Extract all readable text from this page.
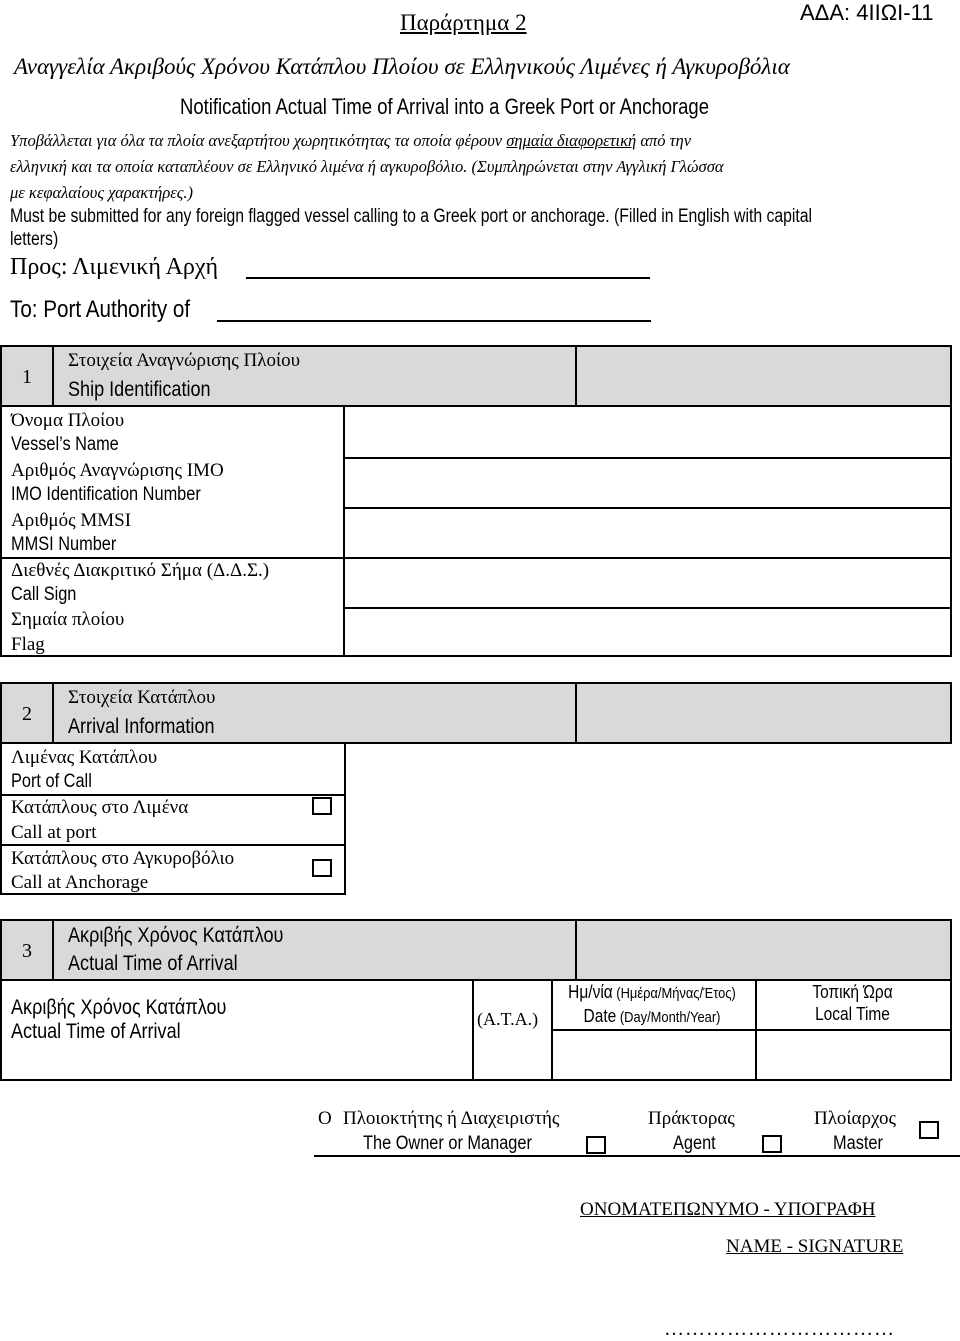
ΑΔΑ: 4ΙΙΩΙ-11
Παράρτημα 2
Αναγγελία Ακριβούς Χρόνου Κατάπλου Πλοίου σε Ελληνικούς Λιμένες ή Αγκυροβόλια
Notification Actual Time of Arrival into a Greek Port or Anchorage
Υποβάλλεται για όλα τα πλοία ανεξαρτήτου χωρητικότητας τα οποία φέρουν σημαία διαφορετική από την
ελληνική και τα οποία καταπλέουν σε Ελληνικό λιμένα ή αγκυροβόλιο. (Συμπληρώνεται στην Αγγλική Γλώσσα
με κεφαλαίους χαρακτήρες.)
Must be submitted for any foreign flagged vessel calling to a Greek port or anchorage. (Filled in English with capital
letters)
Προς: Λιμενική Αρχή
To: Port Authority of
1
Στοιχεία Αναγνώρισης Πλοίου
Ship Identification
Όνομα Πλοίου
Vessel’s Name
Αριθμός Αναγνώρισης IMO
IMO Identification Number
Αριθμός MMSI
MMSI Number
Διεθνές Διακριτικό Σήμα (Δ.Δ.Σ.)
Call Sign
Σημαία πλοίου
Flag
2
Στοιχεία Κατάπλου
Arrival Information
Λιμένας Κατάπλου
Port of Call
Κατάπλους στο Λιμένα
Call at port
Κατάπλους στο Αγκυροβόλιο
Call at Anchorage
3
Ακριβής Χρόνος Κατάπλου
Actual Time of Arrival
Ακριβής Χρόνος Κατάπλου
Actual Time of Arrival
(Α.Τ.Α.)
Ημ/νία (Ημέρα/Μήνας/Έτος)
Date (Day/Month/Year)
Τοπική Ώρα
Local Time
Ο Πλοιοκτήτης ή Διαχειριστής
The Owner or Manager
Πράκτορας
Agent
Πλοίαρχος
Master
ΟΝΟΜΑΤΕΠΩΝΥΜΟ - ΥΠΟΓΡΑΦΗ
NAME - SIGNATURE
……………………………
